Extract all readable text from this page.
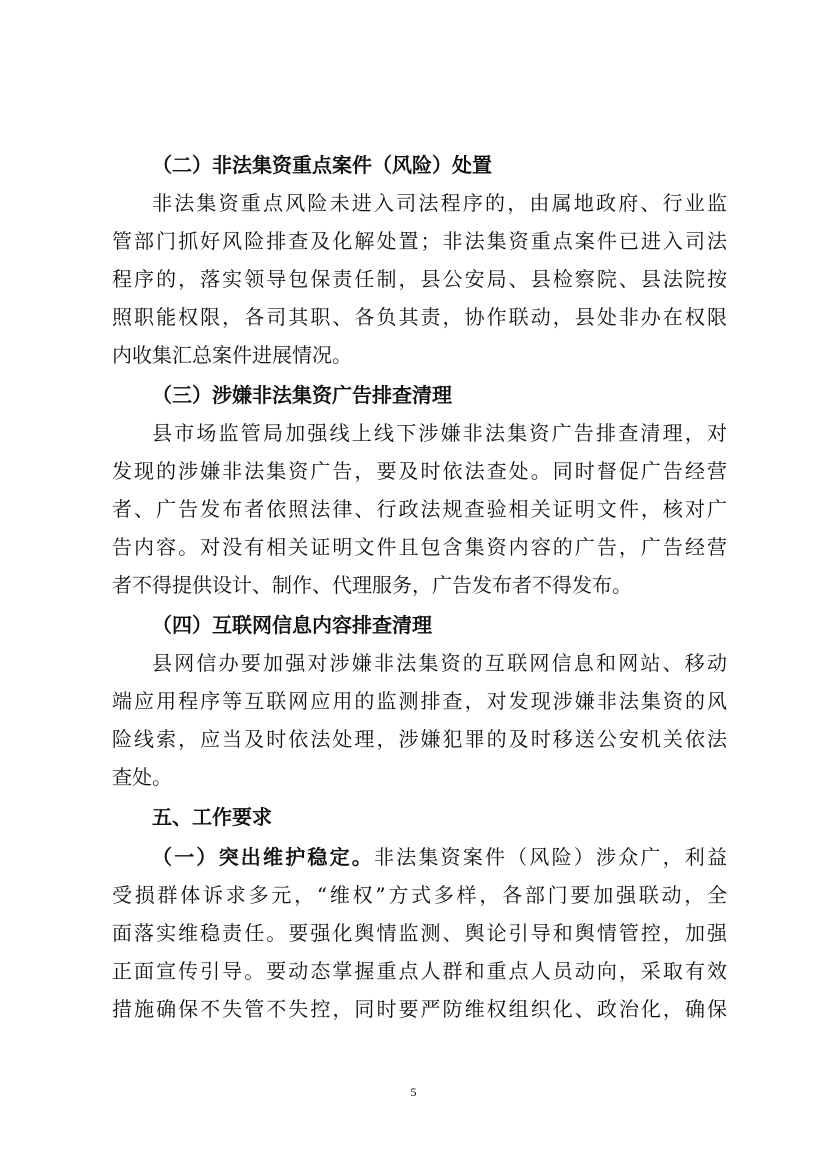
（二）非法集资重点案件（风险）处置
非法集资重点风险未进入司法程序的，由属地政府、行业监
管部门抓好风险排查及化解处置；非法集资重点案件已进入司法
程序的，落实领导包保责任制，县公安局、县检察院、县法院按
照职能权限，各司其职、各负其责，协作联动，县处非办在权限
内收集汇总案件进展情况。
（三）涉嫌非法集资广告排查清理
县市场监管局加强线上线下涉嫌非法集资广告排查清理，对
发现的涉嫌非法集资广告，要及时依法查处。同时督促广告经营
者、广告发布者依照法律、行政法规查验相关证明文件，核对广
告内容。对没有相关证明文件且包含集资内容的广告，广告经营
者不得提供设计、制作、代理服务，广告发布者不得发布。
（四）互联网信息内容排查清理
县网信办要加强对涉嫌非法集资的互联网信息和网站、移动
端应用程序等互联网应用的监测排查，对发现涉嫌非法集资的风
险线索，应当及时依法处理，涉嫌犯罪的及时移送公安机关依法
查处。
五、工作要求
（一）突出维护稳定。非法集资案件（风险）涉众广，利益
受损群体诉求多元，“维权”方式多样，各部门要加强联动，全
面落实维稳责任。要强化舆情监测、舆论引导和舆情管控，加强
正面宣传引导。要动态掌握重点人群和重点人员动向，采取有效
措施确保不失管不失控，同时要严防维权组织化、政治化，确保
5
